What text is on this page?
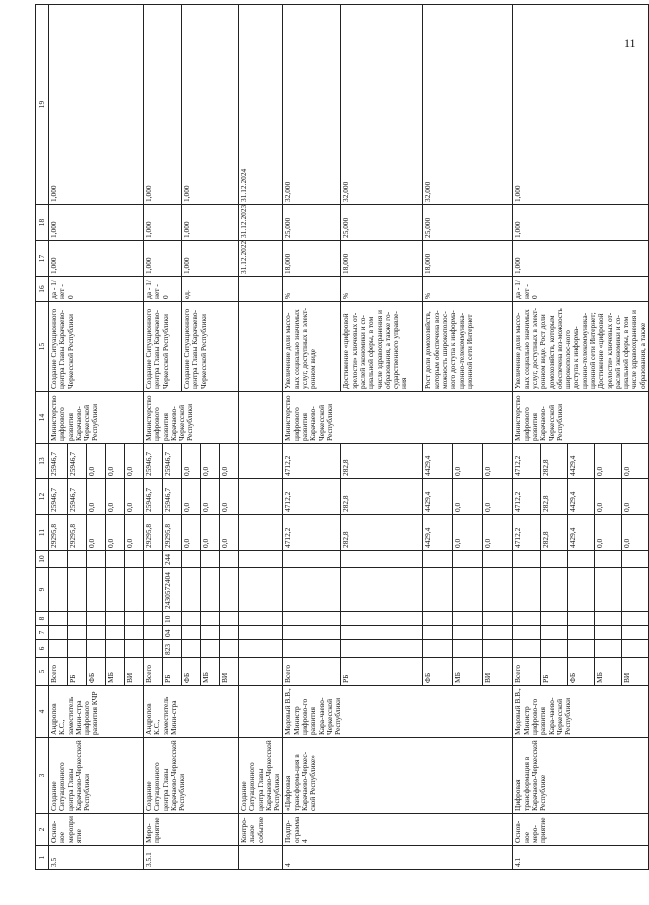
11
1	2	3	4	5	6	7	8	9	10	11	12	13	14	15	16	17	18	19
3.5	Основ-ное меропри ятие	Создание Ситуационного центра Главы Карачаево-Черкесской Республики	Андропов К.С., заместитель Мини-стра цифрового развития КЧР	Всего						29295,8	25946,7	25946,7	Министерство цифрового развития Карачаево-Черкесской Республики	Создание Ситуационного центра Главы Карачаево-Черкесской Республики	да - 1/ нет - 0	1,000	1,000	1,000
				РБ						29295,8	25946,7	25946,7						
				ФБ						0,0	0,0	0,0						
				МБ						0,0	0,0	0,0						
				ВИ						0,0	0,0	0,0						
3.5.1	Меро-приятие	Создание Ситуационного центра Главы Карачаево-Черкесской Республики	Андропов К.С., заместитель Мини-стра	Всего						29295,8	25946,7	25946,7	Министерство цифрового развития Карачаево-Черкесской Республики	Создание Ситуационного центра Главы Карачаево-Черкесской Республики	да - 1/ нет - 0	1,000	1,000	1,000
				РБ	823	04	10	2430572404	244	29295,8	25946,7	25946,7						
				ФБ						0,0	0,0	0,0		Создание Ситуационного центра Главы Карачаево-Черкесской Республики	ед.	1,000	1,000	1,000
				МБ						0,0	0,0	0,0						
				ВИ						0,0	0,0	0,0						
	Контро-льное событие	Создание Ситуационного центра Главы Карачаево-Черкесской Республики														31.12.2022	31.12.2023	31.12.2024
4	Подпр-ограмма 4	«Цифровая трансформа-ция в Карачаево-Черкес-ской Республике»	Медовый В.В., Министр цифрово-го развития Кара-чаево-Черкесской Республики	Всего						4712,2	4712,2	4712,2	Министерство цифрового развития Карачаево-Черкесской Республики	Увеличение доли массо-вых социально значимых услуг, доступных в элект-ронном виде	%	18,000	25,000	32,000
				РБ						282,8	282,8	282,8		Достижение «цифровой зрелости» ключевых от-раслей экономики и со-циальной сферы, в том числе здравоохранения и образования, а также го-сударственного управле-ния	%	18,000	25,000	32,000
				ФБ						4429,4	4429,4	4429,4		Рост доли домохозяйств, которым обеспечена воз-можность широкополос-ного доступа к информа-ционно-телекоммуника-ционной сети Интернет	%	18,000	25,000	32,000
				МБ						0,0	0,0	0,0						
				ВИ						0,0	0,0	0,0						
4.1	Основ-ное меро-приятие	Цифровая трансформация в Карачаево-Черкесской Республике	Медовый В.В., Министр цифрово-го развития Кара-чаево-Черкесской Республики	Всего						4712,2	4712,2	4712,2	Министерство цифрового развития Карачаево-Черкесской Республики	Увеличение доли массо-вых социально значимых услуг, доступных в элект-ронном виде. Рост доли домохозяйств, которым обеспечена воз-можность широкополос-ного доступа к информа-ционно-телекоммуника-ционной сети Интернет; Достижение «цифровой зрелости» ключевых от-раслей экономики и со-циальной сферы, в том числе здравоохранения и образования, а также	да - 1/ нет - 0	1,000	1,000	1,000
				РБ						282,8	282,8	282,8						
				ФБ						4429,4	4429,4	4429,4						
				МБ						0,0	0,0	0,0						
				ВИ						0,0	0,0	0,0						
